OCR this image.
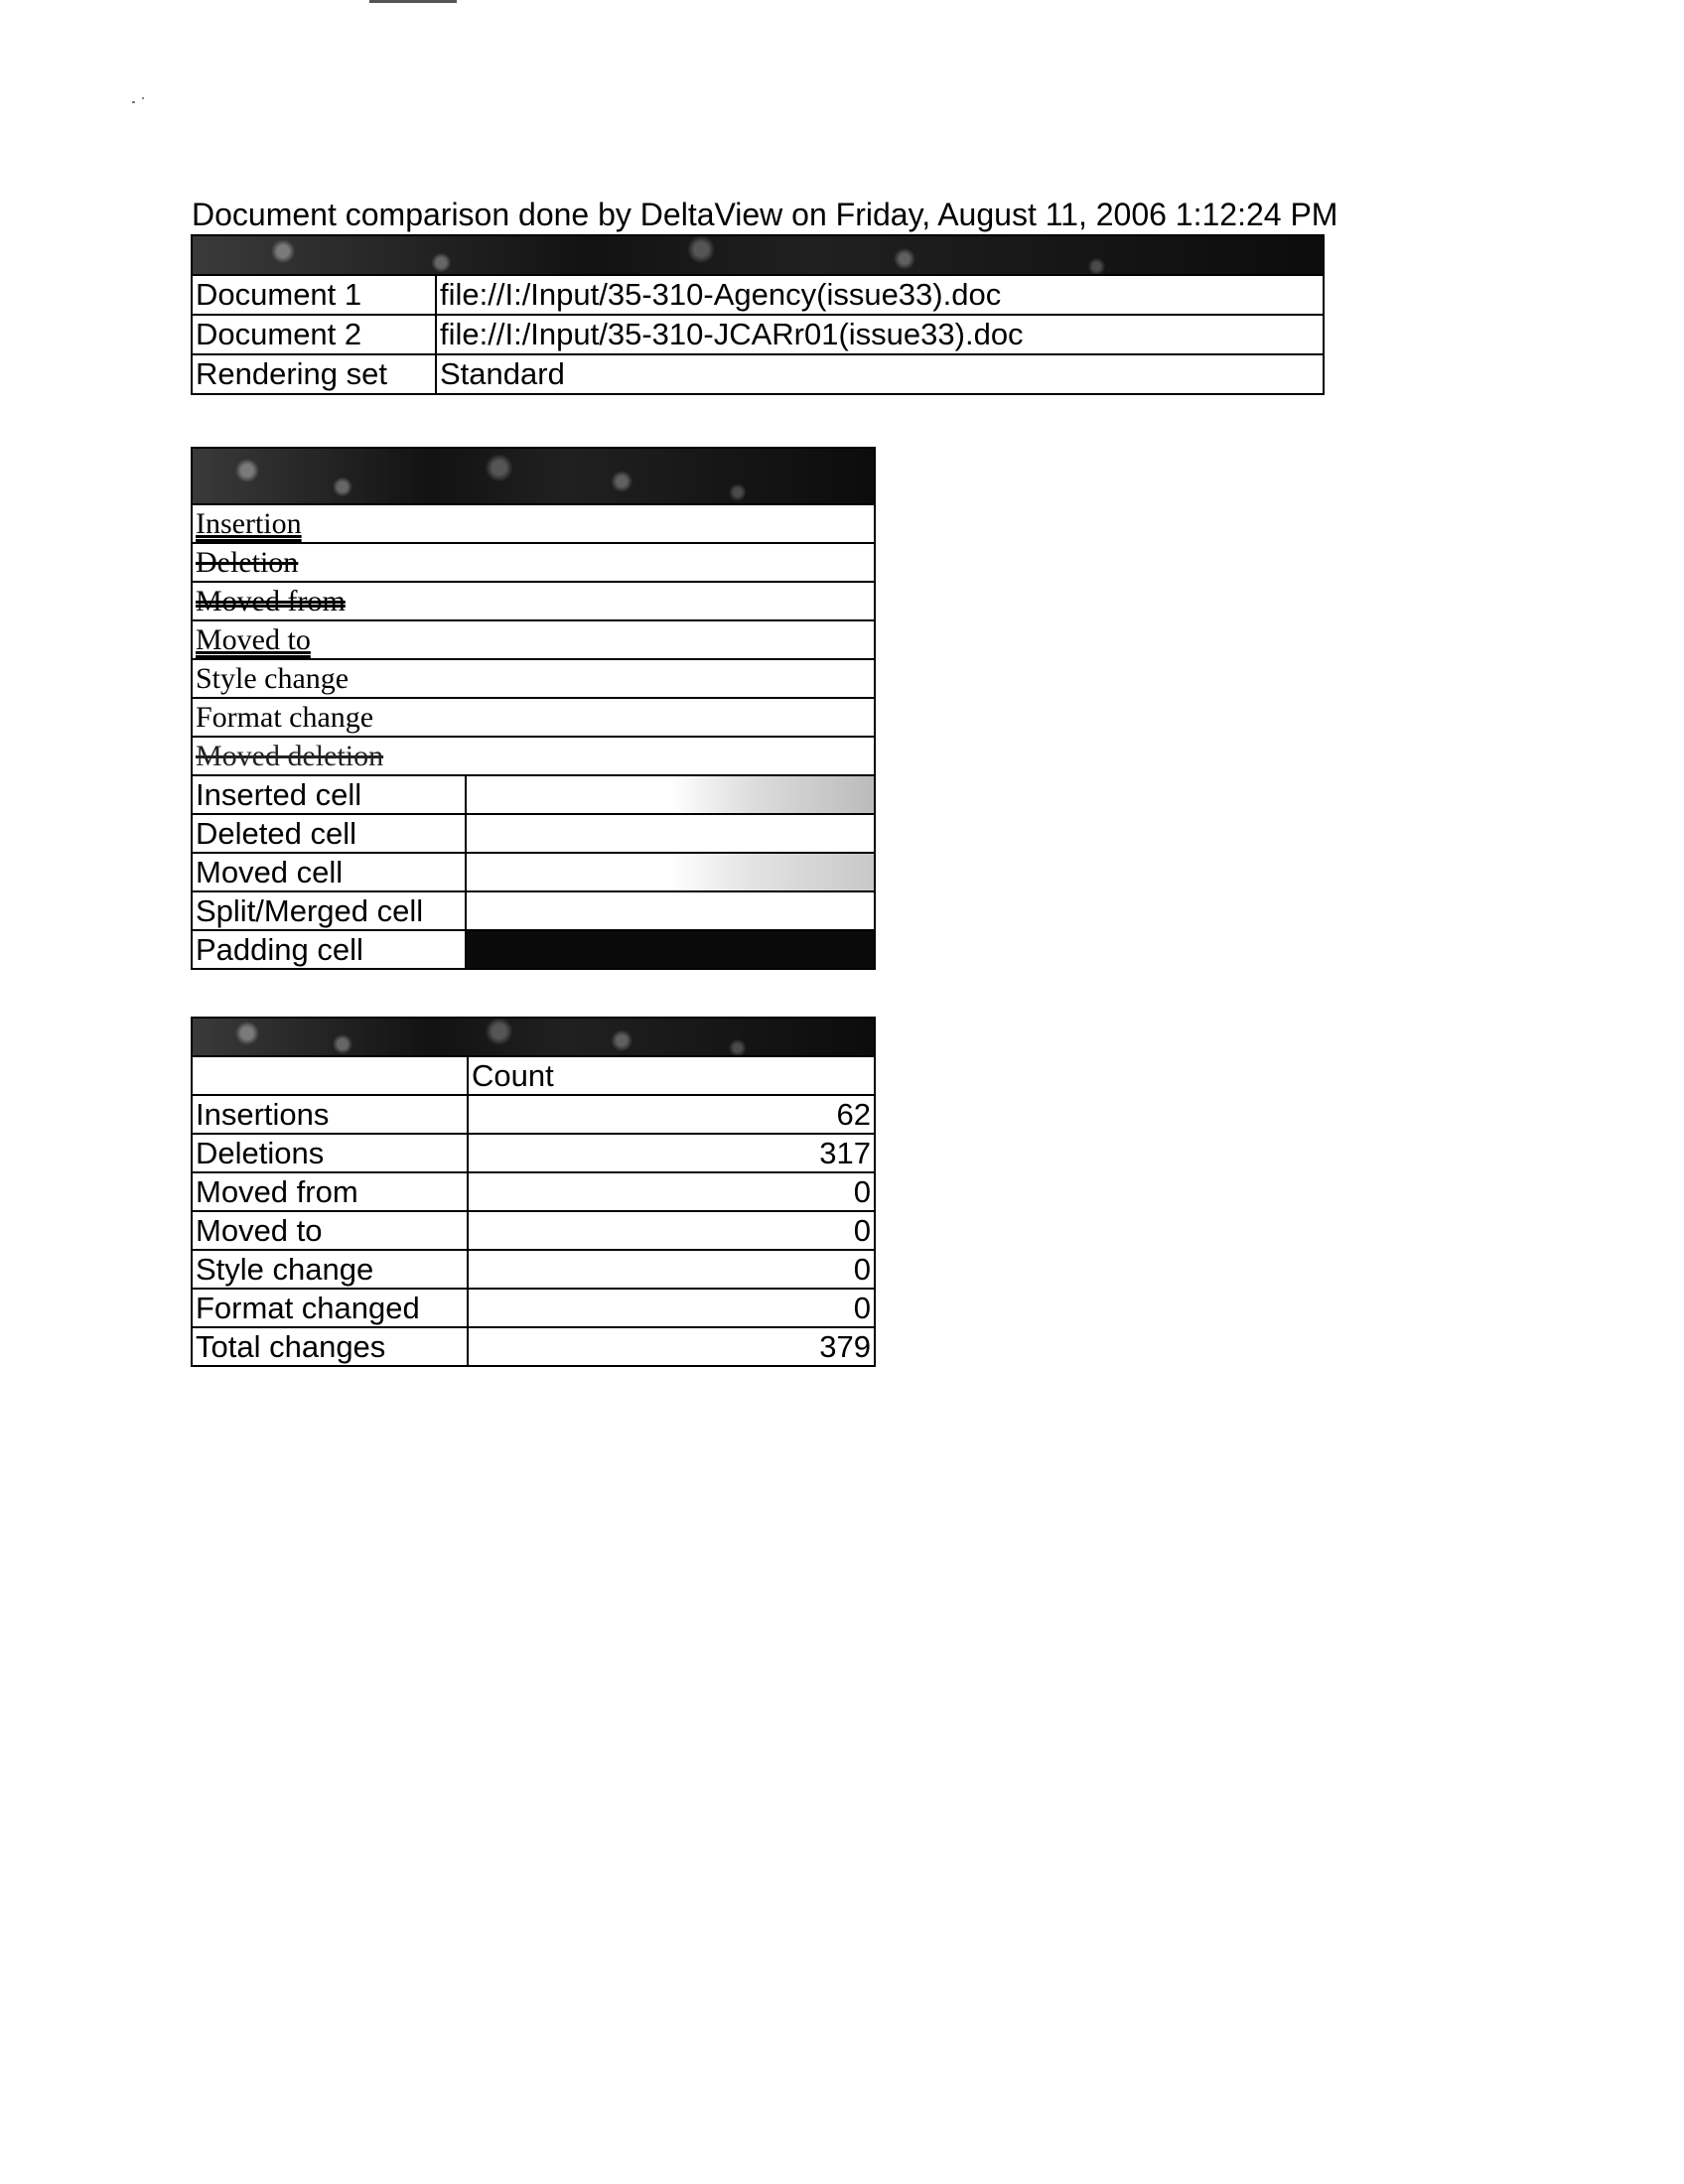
Document comparison done by DeltaView on Friday, August 11, 2006 1:12:24 PM

Document 1	file://I:/Input/35-310-Agency(issue33).doc
Document 2	file://I:/Input/35-310-JCARr01(issue33).doc
Rendering set	Standard

Insertion	
Deletion	
Moved from	
Moved to	
Style change	
Format change	
Moved deletion	
Inserted cell	
Deleted cell	
Moved cell	
Split/Merged cell	
Padding cell	

	Count
Insertions	62
Deletions	317
Moved from	0
Moved to	0
Style change	0
Format changed	0
Total changes	379
